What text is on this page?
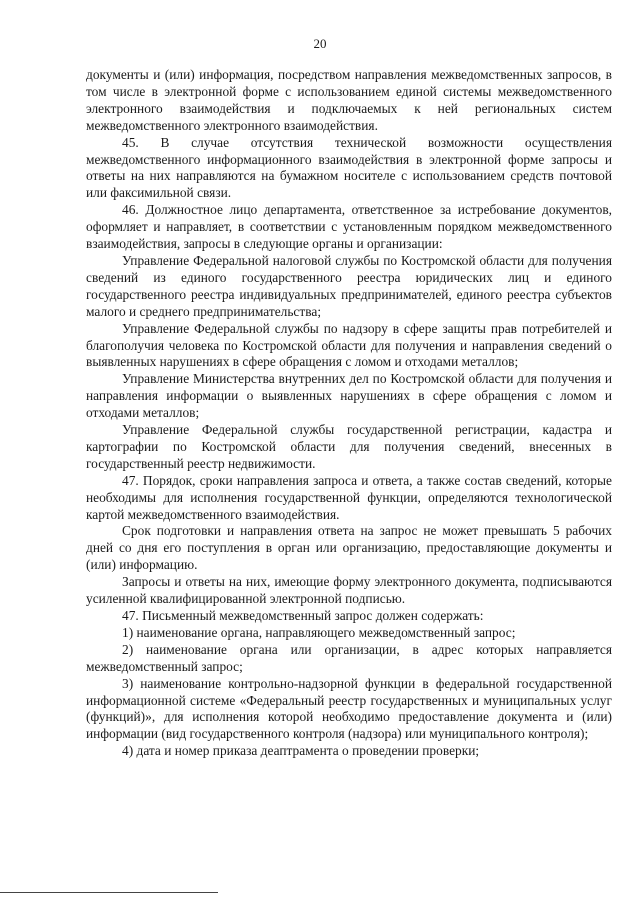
20

документы и (или) информация, посредством направления межведомственных запросов, в том числе в электронной форме с использованием единой системы межведомственного электронного взаимодействия и подключаемых к ней региональных систем межведомственного электронного взаимодействия.

45. В случае отсутствия технической возможности осуществления межведомственного информационного взаимодействия в электронной форме запросы и ответы на них направляются на бумажном носителе с использованием средств почтовой или факсимильной связи.

46. Должностное лицо департамента, ответственное за истребование документов, оформляет и направляет, в соответствии с установленным порядком межведомственного взаимодействия, запросы в следующие органы и организации:

Управление Федеральной налоговой службы по Костромской области для получения сведений из единого государственного реестра юридических лиц и единого государственного реестра индивидуальных предпринимателей, единого реестра субъектов малого и среднего предпринимательства;

Управление Федеральной службы по надзору в сфере защиты прав потребителей и благополучия человека по Костромской области для получения и направления сведений о выявленных нарушениях в сфере обращения с ломом и отходами металлов;

Управление Министерства внутренних дел по Костромской области для получения и направления информации о выявленных нарушениях в сфере обращения с ломом и отходами металлов;

Управление Федеральной службы государственной регистрации, кадастра и картографии по Костромской области для получения сведений, внесенных в государственный реестр недвижимости.

47. Порядок, сроки направления запроса и ответа, а также состав сведений, которые необходимы для исполнения государственной функции, определяются технологической картой межведомственного взаимодействия.

Срок подготовки и направления ответа на запрос не может превышать 5 рабочих дней со дня его поступления в орган или организацию, предоставляющие документы и (или) информацию.

Запросы и ответы на них, имеющие форму электронного документа, подписываются усиленной квалифицированной электронной подписью.

47. Письменный межведомственный запрос должен содержать:

1) наименование органа, направляющего межведомственный запрос;

2) наименование органа или организации, в адрес которых направляется межведомственный запрос;

3) наименование контрольно-надзорной функции в федеральной государственной информационной системе «Федеральный реестр государственных и муниципальных услуг (функций)», для исполнения которой необходимо предоставление документа и (или) информации (вид государственного контроля (надзора) или муниципального контроля);

4) дата и номер приказа деаптрамента о проведении проверки;
